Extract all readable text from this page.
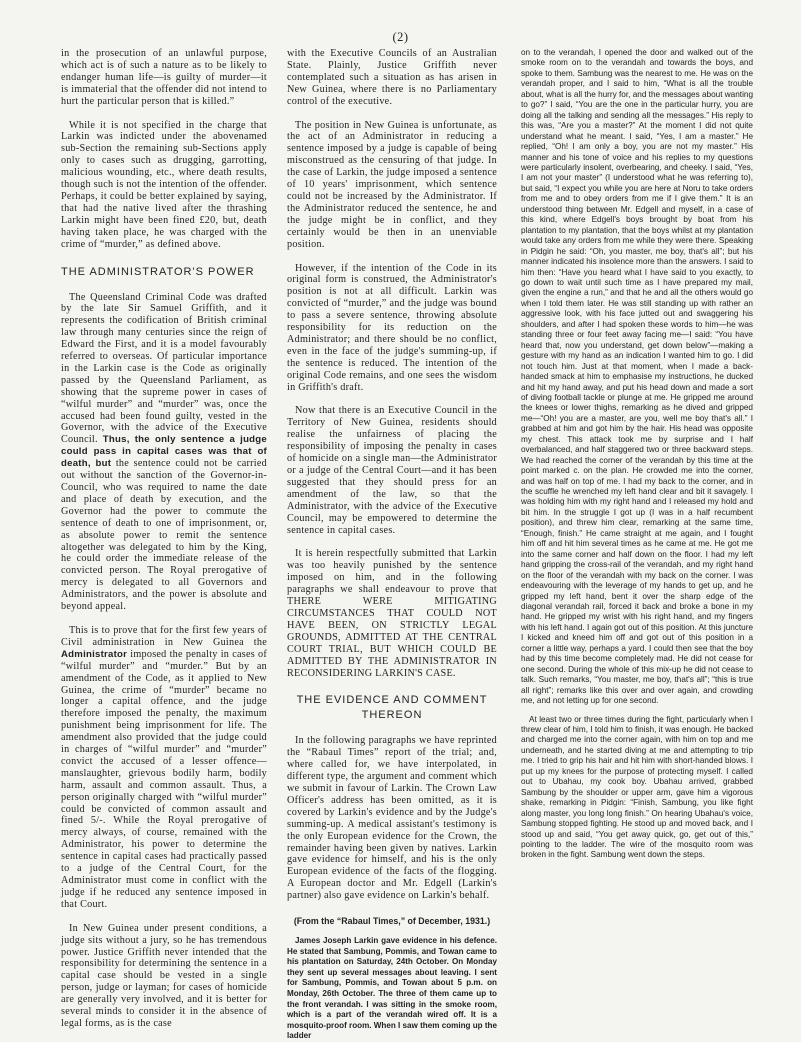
(2)

in the prosecution of an unlawful purpose, which act is of such a nature as to be likely to endanger human life—is guilty of murder—it is immaterial that the offender did not intend to hurt the particular person that is killed.”

While it is not specified in the charge that Larkin was indicted under the abovenamed sub-Section the remaining sub-Sections apply only to cases such as drugging, garrotting, malicious wounding, etc., where death results, though such is not the intention of the offender. Perhaps, it could be better explained by saying, that had the native lived after the thrashing Larkin might have been fined £20, but, death having taken place, he was charged with the crime of “murder,” as defined above.

THE ADMINISTRATOR'S POWER

The Queensland Criminal Code was drafted by the late Sir Samuel Griffith, and it represents the codification of British criminal law through many centuries since the reign of Edward the First, and it is a model favourably referred to overseas. Of particular importance in the Larkin case is the Code as originally passed by the Queensland Parliament, as showing that the supreme power in cases of “wilful murder” and “murder” was, once the accused had been found guilty, vested in the Governor, with the advice of the Executive Council. Thus, the only sentence a judge could pass in capital cases was that of death, but the sentence could not be carried out without the sanction of the Governor-in-Council, who was required to name the date and place of death by execution, and the Governor had the power to commute the sentence of death to one of imprisonment, or, as absolute power to remit the sentence altogether was delegated to him by the King, he could order the immediate release of the convicted person. The Royal prerogative of mercy is delegated to all Governors and Administrators, and the power is absolute and beyond appeal.

This is to prove that for the first few years of Civil administration in New Guinea the Administrator imposed the penalty in cases of “wilful murder” and “murder.” But by an amendment of the Code, as it applied to New Guinea, the crime of “murder” became no longer a capital offence, and the judge therefore imposed the penalty, the maximum punishment being imprisonment for life. The amendment also provided that the judge could in charges of “wilful murder” and “murder” convict the accused of a lesser offence—manslaughter, grievous bodily harm, bodily harm, assault and common assault. Thus, a person originally charged with “wilful murder” could be convicted of common assault and fined 5/-. While the Royal prerogative of mercy always, of course, remained with the Administrator, his power to determine the sentence in capital cases had practically passed to a judge of the Central Court, for the Administrator must come in conflict with the judge if he reduced any sentence imposed in that Court.

In New Guinea under present conditions, a judge sits without a jury, so he has tremendous power. Justice Griffith never intended that the responsibility for determining the sentence in a capital case should be vested in a single person, judge or layman; for cases of homicide are generally very involved, and it is better for several minds to consider it in the absence of legal forms, as is the case

with the Executive Councils of an Australian State. Plainly, Justice Griffith never contemplated such a situation as has arisen in New Guinea, where there is no Parliamentary control of the executive.

The position in New Guinea is unfortunate, as the act of an Administrator in reducing a sentence imposed by a judge is capable of being misconstrued as the censuring of that judge. In the case of Larkin, the judge imposed a sentence of 10 years' imprisonment, which sentence could not be increased by the Administrator. If the Administrator reduced the sentence, he and the judge might be in conflict, and they certainly would be then in an unenviable position.

However, if the intention of the Code in its original form is construed, the Administrator's position is not at all difficult. Larkin was convicted of “murder,” and the judge was bound to pass a severe sentence, throwing absolute responsibility for its reduction on the Administrator; and there should be no conflict, even in the face of the judge's summing-up, if the sentence is reduced. The intention of the original Code remains, and one sees the wisdom in Griffith's draft.

Now that there is an Executive Council in the Territory of New Guinea, residents should realise the unfairness of placing the responsibility of imposing the penalty in cases of homicide on a single man—the Administrator or a judge of the Central Court—and it has been suggested that they should press for an amendment of the law, so that the Administrator, with the advice of the Executive Council, may be empowered to determine the sentence in capital cases.

It is herein respectfully submitted that Larkin was too heavily punished by the sentence imposed on him, and in the following paragraphs we shall endeavour to prove that THERE WERE MITIGATING CIRCUMSTANCES THAT COULD NOT HAVE BEEN, ON STRICTLY LEGAL GROUNDS, ADMITTED AT THE CENTRAL COURT TRIAL, BUT WHICH COULD BE ADMITTED BY THE ADMINISTRATOR IN RECONSIDERING LARKIN'S CASE.

THE EVIDENCE AND COMMENT THEREON

In the following paragraphs we have reprinted the “Rabaul Times” report of the trial; and, where called for, we have interpolated, in different type, the argument and comment which we submit in favour of Larkin. The Crown Law Officer's address has been omitted, as it is covered by Larkin's evidence and by the Judge's summing-up. A medical assistant's testimony is the only European evidence for the Crown, the remainder having been given by natives. Larkin gave evidence for himself, and his is the only European evidence of the facts of the flogging. A European doctor and Mr. Edgell (Larkin's partner) also gave evidence on Larkin's behalf.

(From the “Rabaul Times,” of December, 1931.)

James Joseph Larkin gave evidence in his defence. He stated that Sambung, Pommis, and Towan came to his plantation on Saturday, 24th October. On Monday they sent up several messages about leaving. I sent for Sambung, Pommis, and Towan about 5 p.m. on Monday, 26th October. The three of them came up to the front verandah. I was sitting in the smoke room, which is a part of the verandah wired off. It is a mosquito-proof room. When I saw them coming up the ladder

on to the verandah, I opened the door and walked out of the smoke room on to the verandah and towards the boys, and spoke to them. Sambung was the nearest to me. He was on the verandah proper, and I said to him, “What is all the trouble about, what is all the hurry for, and the messages about wanting to go?” I said, “You are the one in the particular hurry, you are doing all the talking and sending all the messages.” His reply to this was, “Are you a master?” At the moment I did not quite understand what he meant. I said, “Yes, I am a master.” He replied, “Oh! I am only a boy, you are not my master.” His manner and his tone of voice and his replies to my questions were particularly insolent, overbearing, and cheeky. I said, “Yes, I am not your master” (I understood what he was referring to), but said, “I expect you while you are here at Noru to take orders from me and to obey orders from me if I give them.” It is an understood thing between Mr. Edgell and myself, in a case of this kind, where Edgell's boys brought by boat from his plantation to my plantation, that the boys whilst at my plantation would take any orders from me while they were there. Speaking in Pidgin he said: “Oh, you master, me boy, that's all”; but his manner indicated his insolence more than the answers. I said to him then: “Have you heard what I have said to you exactly, to go down to wait until such time as I have prepared my mail, given the engine a run,” and that he and all the others would go when I told them later. He was still standing up with rather an aggressive look, with his face jutted out and swaggering his shoulders, and after I had spoken these words to him—he was standing three or four feet away facing me—I said: “You have heard that, now you understand, get down below”—making a gesture with my hand as an indication I wanted him to go. I did not touch him. Just at that moment, when I made a back-handed smack at him to emphasise my instructions, he ducked and hit my hand away, and put his head down and made a sort of diving football tackle or plunge at me. He gripped me around the knees or lower thighs, remarking as he dived and gripped me—“Oh! you are a master, are you, well me boy that's all.” I grabbed at him and got him by the hair. His head was opposite my chest. This attack took me by surprise and I half overbalanced, and half staggered two or three backward steps. We had reached the corner of the verandah by this time at the point marked c. on the plan. He crowded me into the corner, and was half on top of me. I had my back to the corner, and in the scuffle he wrenched my left hand clear and bit it savagely. I was holding him with my right hand and I released my hold and bit him. In the struggle I got up (I was in a half recumbent position), and threw him clear, remarking at the same time, “Enough, finish.” He came straight at me again, and I fought him off and hit him several times as he came at me. He got me into the same corner and half down on the floor. I had my left hand gripping the cross-rail of the verandah, and my right hand on the floor of the verandah with my back on the corner. I was endeavouring with the leverage of my hands to get up, and he gripped my left hand, bent it over the sharp edge of the diagonal verandah rail, forced it back and broke a bone in my hand. He gripped my wrist with his right hand, and my fingers with his left hand. I again got out of this position. At this juncture I kicked and kneed him off and got out of this position in a corner a little way, perhaps a yard. I could then see that the boy had by this time become completely mad. He did not cease for one second. During the whole of this mix-up he did not cease to talk. Such remarks, “You master, me boy, that's all”; “this is true all right”; remarks like this over and over again, and crowding me, and not letting up for one second.

At least two or three times during the fight, particularly when I threw clear of him, I told him to finish, it was enough. He backed and charged me into the corner again, with him on top and me underneath, and he started diving at me and attempting to trip me. I tried to grip his hair and hit him with short-handed blows. I put up my knees for the purpose of protecting myself. I called out to Ubahau, my cook boy. Ubahau arrived, grabbed Sambung by the shoulder or upper arm, gave him a vigorous shake, remarking in Pidgin: “Finish, Sambung, you like fight along master, you long long finish.” On hearing Ubahau's voice, Sambung stopped fighting. He stood up and moved back, and I stood up and said, “You get away quick, go, get out of this,” pointing to the ladder. The wire of the mosquito room was broken in the fight. Sambung went down the steps.
